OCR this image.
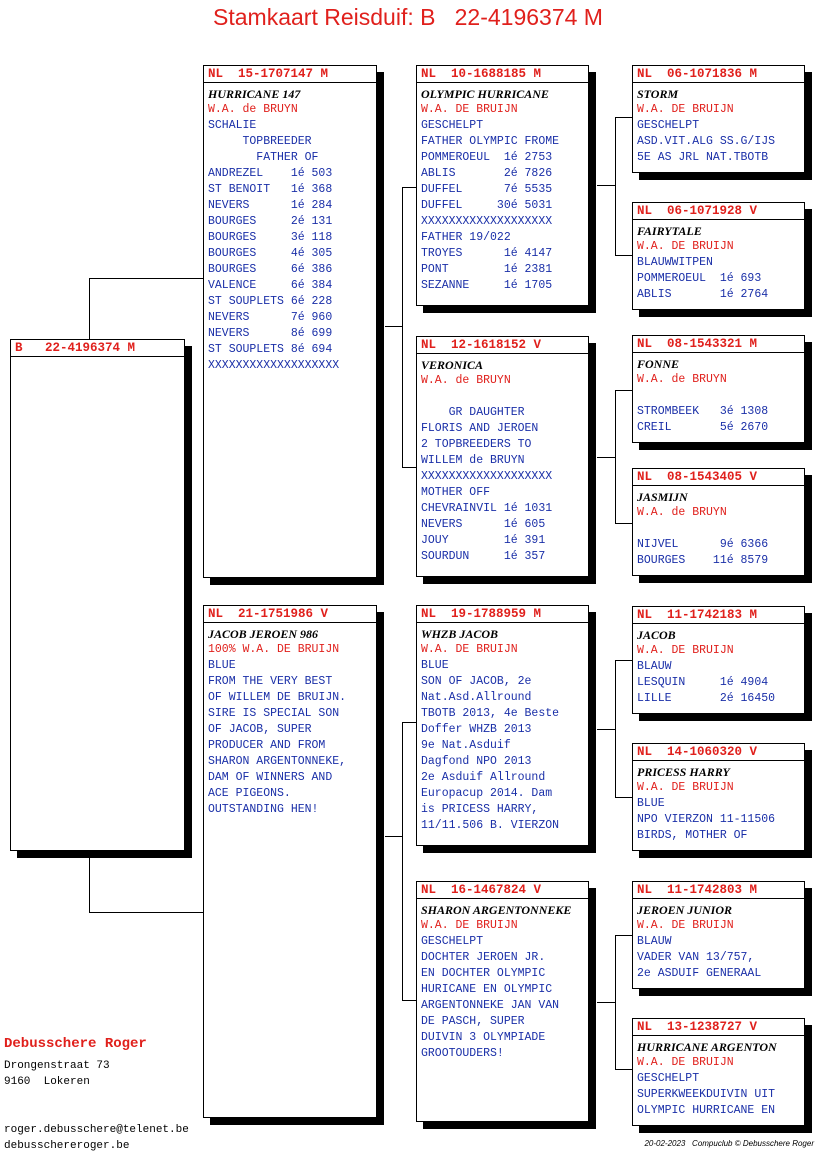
Stamkaart Reisduif: B   22-4196374 M
B   22-4196374 M
NL  15-1707147 M
HURRICANE 147
W.A. de BRUYN
SCHALIE
TOPBREEDER
FATHER OF
ANDREZEL    1é 503
ST BENOIT   1é 368
NEVERS      1é 284
BOURGES     2é 131
BOURGES     3é 118
BOURGES     4é 305
BOURGES     6é 386
VALENCE     6é 384
ST SOUPLETS 6é 228
NEVERS      7é 960
NEVERS      8é 699
ST SOUPLETS 8é 694
XXXXXXXXXXXXXXXXXXX
NL  21-1751986 V
JACOB JEROEN 986
100% W.A. DE BRUIJN
BLUE
FROM THE VERY BEST
OF WILLEM DE BRUIJN.
SIRE IS SPECIAL SON
OF JACOB, SUPER
PRODUCER AND FROM
SHARON ARGENTONNEKE,
DAM OF WINNERS AND
ACE PIGEONS.
OUTSTANDING HEN!
NL  10-1688185 M
OLYMPIC HURRICANE
W.A. DE BRUIJN
GESCHELPT
FATHER OLYMPIC FROME
POMMEROEUL  1é 2753
ABLIS       2é 7826
DUFFEL      7é 5535
DUFFEL     30é 5031
XXXXXXXXXXXXXXXXXXX
FATHER 19/022
TROYES      1é 4147
PONT        1é 2381
SEZANNE     1é 1705
NL  12-1618152 V
VERONICA
W.A. de BRUYN
GR DAUGHTER
FLORIS AND JEROEN
2 TOPBREEDERS TO
WILLEM de BRUYN
XXXXXXXXXXXXXXXXXXX
MOTHER OFF
CHEVRAINVIL 1é 1031
NEVERS      1é 605
JOUY        1é 391
SOURDUN     1é 357
NL  19-1788959 M
WHZB JACOB
W.A. DE BRUIJN
BLUE
SON OF JACOB, 2e
Nat.Asd.Allround
TBOTB 2013, 4e Beste
Doffer WHZB 2013
9e Nat.Asduif
Dagfond NPO 2013
2e Asduif Allround
Europacup 2014. Dam
is PRICESS HARRY,
11/11.506 B. VIERZON
NL  16-1467824 V
SHARON ARGENTONNEKE
W.A. DE BRUIJN
GESCHELPT
DOCHTER JEROEN JR.
EN DOCHTER OLYMPIC
HURICANE EN OLYMPIC
ARGENTONNEKE JAN VAN
DE PASCH, SUPER
DUIVIN 3 OLYMPIADE
GROOTOUDERS!
NL  06-1071836 M
STORM
W.A. DE BRUIJN
GESCHELPT
ASD.VIT.ALG SS.G/IJS
5E AS JRL NAT.TBOTB
NL  06-1071928 V
FAIRYTALE
W.A. DE BRUIJN
BLAUWWITPEN
POMMEROEUL  1é 693
ABLIS       1é 2764
NL  08-1543321 M
FONNE
W.A. de BRUYN
STROMBEEK   3é 1308
CREIL       5é 2670
NL  08-1543405 V
JASMIJN
W.A. de BRUYN
NIJVEL      9é 6366
BOURGES    11é 8579
NL  11-1742183 M
JACOB
W.A. DE BRUIJN
BLAUW
LESQUIN     1é 4904
LILLE       2é 16450
NL  14-1060320 V
PRICESS HARRY
W.A. DE BRUIJN
BLUE
NPO VIERZON 11-11506
BIRDS, MOTHER OF
NL  11-1742803 M
JEROEN JUNIOR
W.A. DE BRUIJN
BLAUW
VADER VAN 13/757,
2e ASDUIF GENERAAL
NL  13-1238727 V
HURRICANE ARGENTON
W.A. DE BRUIJN
GESCHELPT
SUPERKWEEKDUIVIN UIT
OLYMPIC HURRICANE EN
Debusschere Roger
Drongenstraat 73
9160  Lokeren
roger.debusschere@telenet.be
debusschereroger.be	20-02-2023   Compuclub © Debusschere Roger
